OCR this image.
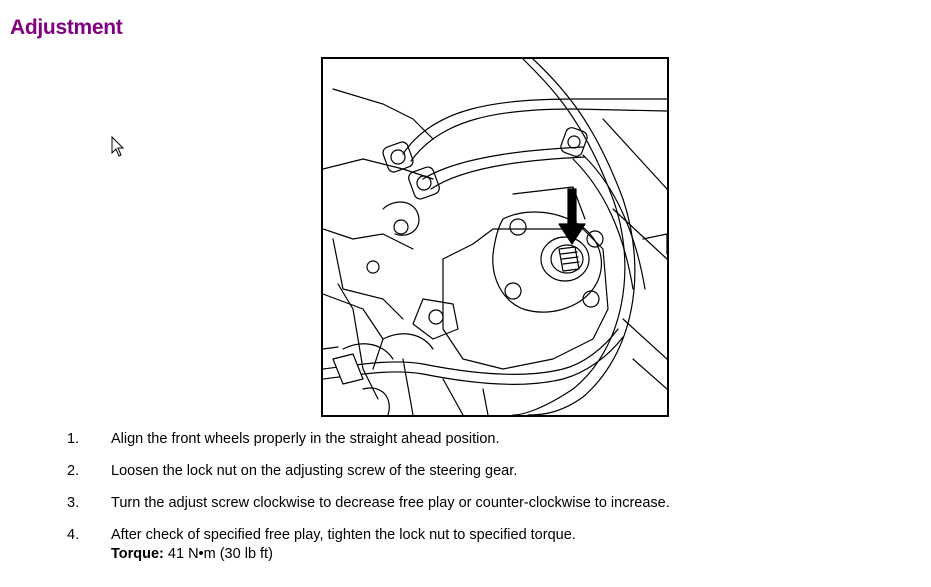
Adjustment
1. Align the front wheels properly in the straight ahead position.
2. Loosen the lock nut on the adjusting screw of the steering gear.
3. Turn the adjust screw clockwise to decrease free play or counter-clockwise to increase.
4. After check of specified free play, tighten the lock nut to specified torque.
Torque: 41 N•m (30 lb ft)
